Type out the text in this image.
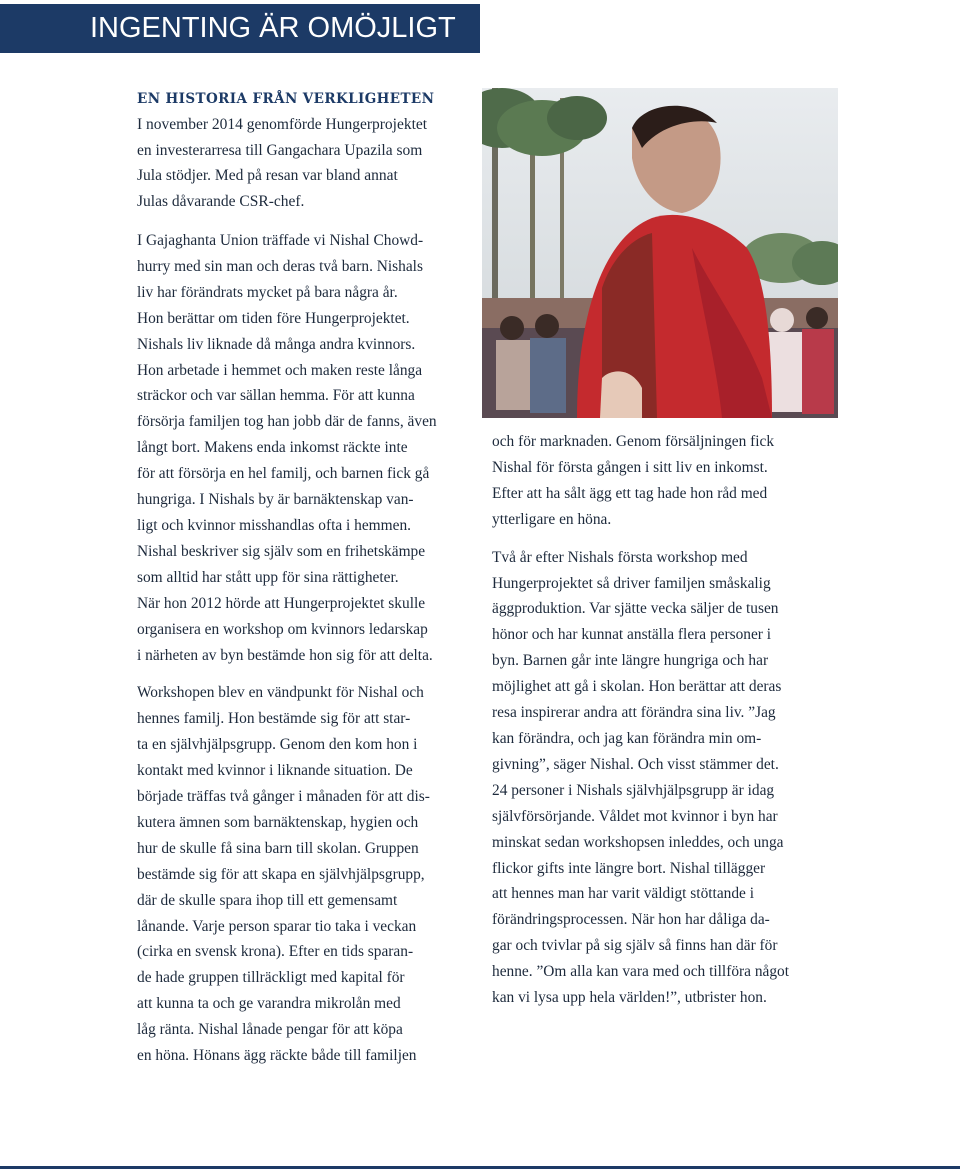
INGENTING ÄR OMÖJLIGT

EN HISTORIA FRÅN VERKLIGHETEN

I november 2014 genomförde Hungerprojektet
en investerarresa till Gangachara Upazila som
Jula stödjer. Med på resan var bland annat
Julas dåvarande CSR-chef.

I Gajaghanta Union träffade vi Nishal Chowd-
hurry med sin man och deras två barn. Nishals
liv har förändrats mycket på bara några år.
Hon berättar om tiden före Hungerprojektet.
Nishals liv liknade då många andra kvinnors.
Hon arbetade i hemmet och maken reste långa
sträckor och var sällan hemma. För att kunna
försörja familjen tog han jobb där de fanns, även
långt bort. Makens enda inkomst räckte inte
för att försörja en hel familj, och barnen fick gå
hungriga. I Nishals by är barnäktenskap van-
ligt och kvinnor misshandlas ofta i hemmen.
Nishal beskriver sig själv som en frihetskämpe
som alltid har stått upp för sina rättigheter.
När hon 2012 hörde att Hungerprojektet skulle
organisera en workshop om kvinnors ledarskap
i närheten av byn bestämde hon sig för att delta.

Workshopen blev en vändpunkt för Nishal och
hennes familj. Hon bestämde sig för att star-
ta en självhjälpsgrupp. Genom den kom hon i
kontakt med kvinnor i liknande situation. De
började träffas två gånger i månaden för att dis-
kutera ämnen som barnäktenskap, hygien och
hur de skulle få sina barn till skolan. Gruppen
bestämde sig för att skapa en självhjälpsgrupp,
där de skulle spara ihop till ett gemensamt
lånande. Varje person sparar tio taka i veckan
(cirka en svensk krona). Efter en tids sparan-
de hade gruppen tillräckligt med kapital för
att kunna ta och ge varandra mikrolån med
låg ränta. Nishal lånade pengar för att köpa
en höna. Hönans ägg räckte både till familjen

och för marknaden. Genom försäljningen fick
Nishal för första gången i sitt liv en inkomst.
Efter att ha sålt ägg ett tag hade hon råd med
ytterligare en höna.

Två år efter Nishals första workshop med
Hungerprojektet så driver familjen småskalig
äggproduktion. Var sjätte vecka säljer de tusen
hönor och har kunnat anställa flera personer i
byn. Barnen går inte längre hungriga och har
möjlighet att gå i skolan. Hon berättar att deras
resa inspirerar andra att förändra sina liv. ”Jag
kan förändra, och jag kan förändra min om-
givning”, säger Nishal. Och visst stämmer det.
24 personer i Nishals självhjälpsgrupp är idag
självförsörjande. Våldet mot kvinnor i byn har
minskat sedan workshopsen inleddes, och unga
flickor gifts inte längre bort. Nishal tillägger
att hennes man har varit väldigt stöttande i
förändringsprocessen. När hon har dåliga da-
gar och tvivlar på sig själv så finns han där för
henne. ”Om alla kan vara med och tillföra något
kan vi lysa upp hela världen!”, utbrister hon.
